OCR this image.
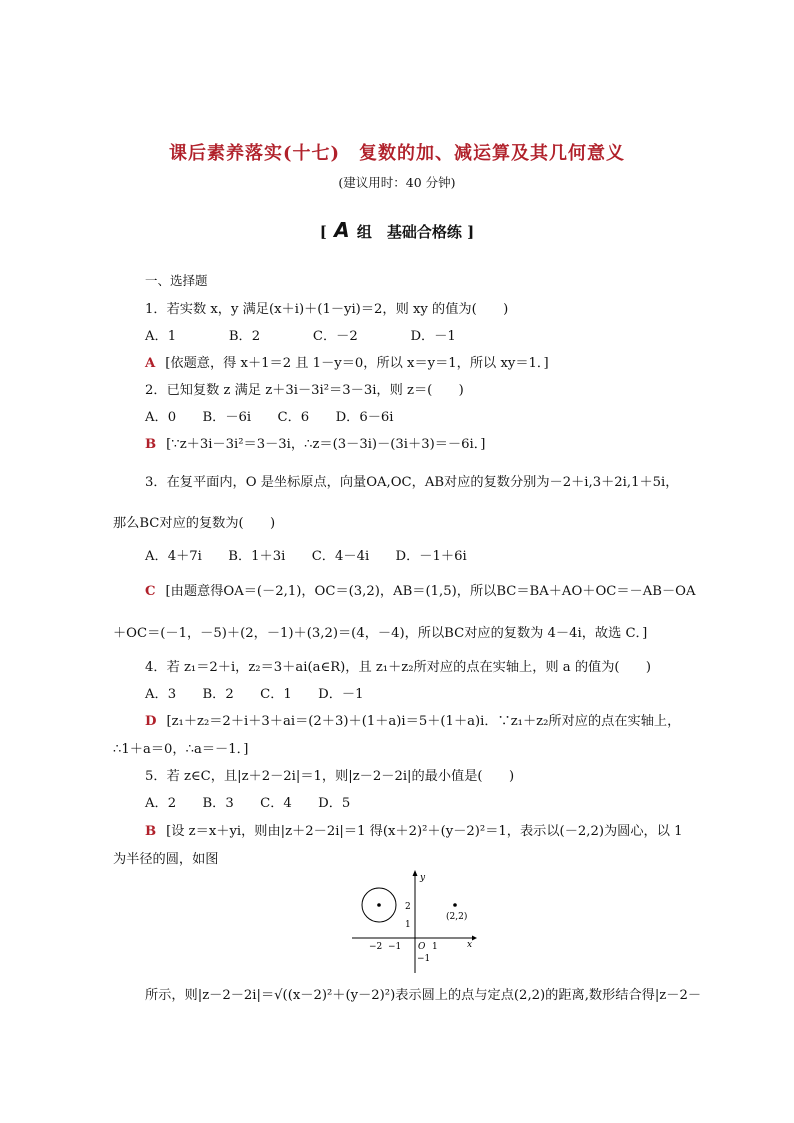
课后素养落实(十七)　复数的加、减运算及其几何意义
(建议用时：40 分钟)
[ A 组　基础合格练 ]
一、选择题
1．若实数 x，y 满足(x＋i)＋(1－yi)＝2，则 xy 的值为(　　)
A．1　　　　B．2　　　　C．－2　　　　D．－1
A [依题意，得 x＋1＝2 且 1－y＝0，所以 x＝y＝1，所以 xy＝1．]
2．已知复数 z 满足 z＋3i－3i²＝3－3i，则 z＝(　　)
A．0　　B．－6i　　C．6　　D．6－6i
B [∵z＋3i－3i²＝3－3i，∴z＝(3－3i)－(3i＋3)＝－6i．]
3．在复平面内，O 是坐标原点，向量OA,OC，AB对应的复数分别为－2＋i,3＋2i,1＋5i，
那么BC对应的复数为(　　)
A．4＋7i　　B．1＋3i　　C．4－4i　　D．－1＋6i
C [由题意得OA＝(－2,1)，OC＝(3,2)，AB＝(1,5)，所以BC＝BA＋AO＋OC＝－AB－OA
＋OC＝(－1，－5)＋(2，－1)＋(3,2)＝(4，－4)，所以BC对应的复数为 4－4i，故选 C．]
4．若 z₁＝2＋i，z₂＝3＋ai(a∈R)，且 z₁＋z₂所对应的点在实轴上，则 a 的值为(　　)
A．3　　B．2　　C．1　　D．－1
D [z₁＋z₂＝2＋i＋3＋ai＝(2＋3)＋(1＋a)i＝5＋(1＋a)i．∵z₁＋z₂所对应的点在实轴上，
∴1＋a＝0，∴a＝－1．]
5．若 z∈C，且|z＋2－2i|＝1，则|z－2－2i|的最小值是(　　)
A．2　　B．3　　C．4　　D．5
B [设 z＝x＋yi，则由|z＋2－2i|＝1 得(x＋2)²＋(y－2)²＝1，表示以(－2,2)为圆心，以 1
为半径的圆，如图
y
x
O
2
1
−1
−2 −1	1
(2,2)
所示，则|z－2－2i|＝√((x－2)²＋(y－2)²)表示圆上的点与定点(2,2)的距离,数形结合得|z－2－
